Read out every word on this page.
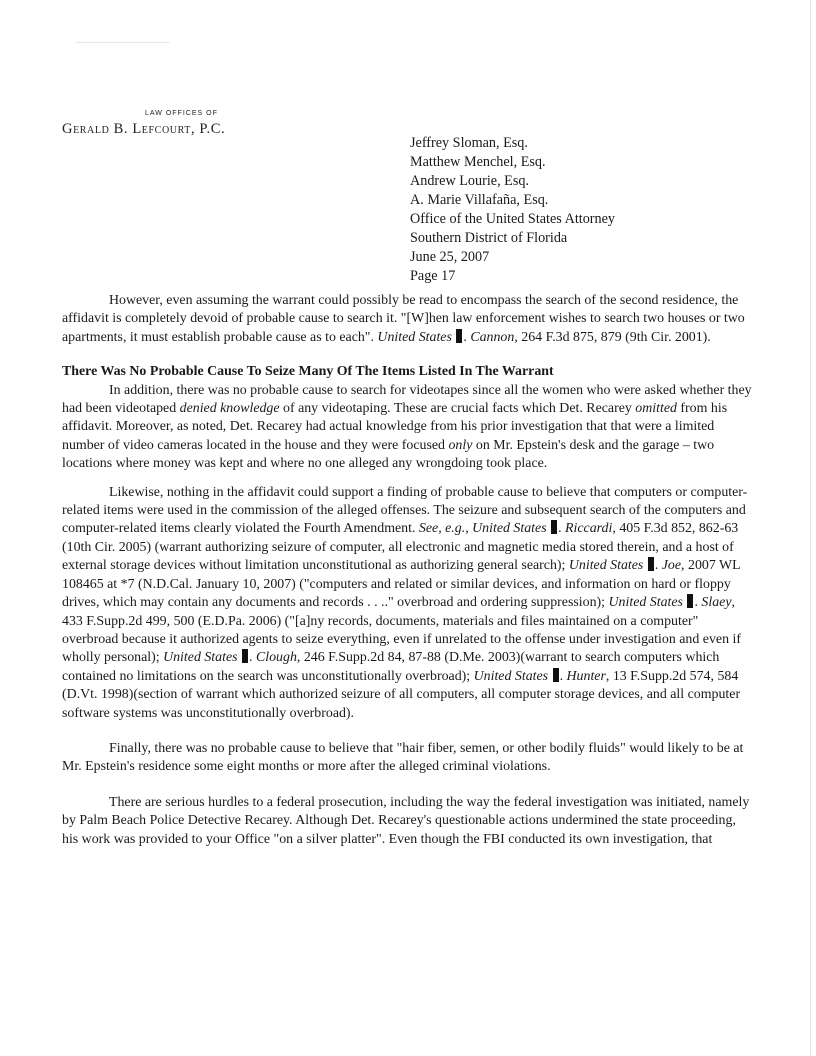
LAW OFFICES OF
Gerald B. Lefcourt, P.C.
Jeffrey Sloman, Esq.
Matthew Menchel, Esq.
Andrew Lourie, Esq.
A. Marie Villafaña, Esq.
Office of the United States Attorney
Southern District of Florida
June 25, 2007
Page 17

However, even assuming the warrant could possibly be read to encompass the search of the second residence, the affidavit is completely devoid of probable cause to search it. "[W]hen law enforcement wishes to search two houses or two apartments, it must establish probable cause as to each". United States . Cannon, 264 F.3d 875, 879 (9th Cir. 2001).

There Was No Probable Cause To Seize Many Of The Items Listed In The Warrant

In addition, there was no probable cause to search for videotapes since all the women who were asked whether they had been videotaped denied knowledge of any videotaping. These are crucial facts which Det. Recarey omitted from his affidavit. Moreover, as noted, Det. Recarey had actual knowledge from his prior investigation that that were a limited number of video cameras located in the house and they were focused only on Mr. Epstein's desk and the garage – two locations where money was kept and where no one alleged any wrongdoing took place.

Likewise, nothing in the affidavit could support a finding of probable cause to believe that computers or computer-related items were used in the commission of the alleged offenses. The seizure and subsequent search of the computers and computer-related items clearly violated the Fourth Amendment. See, e.g., United States . Riccardi, 405 F.3d 852, 862-63 (10th Cir. 2005) (warrant authorizing seizure of computer, all electronic and magnetic media stored therein, and a host of external storage devices without limitation unconstitutional as authorizing general search); United States . Joe, 2007 WL 108465 at *7 (N.D.Cal. January 10, 2007) ("computers and related or similar devices, and information on hard or floppy drives, which may contain any documents and records . . .." overbroad and ordering suppression); United States . Slaey, 433 F.Supp.2d 499, 500 (E.D.Pa. 2006) ("[a]ny records, documents, materials and files maintained on a computer" overbroad because it authorized agents to seize everything, even if unrelated to the offense under investigation and even if wholly personal); United States . Clough, 246 F.Supp.2d 84, 87-88 (D.Me. 2003)(warrant to search computers which contained no limitations on the search was unconstitutionally overbroad); United States . Hunter, 13 F.Supp.2d 574, 584 (D.Vt. 1998)(section of warrant which authorized seizure of all computers, all computer storage devices, and all computer software systems was unconstitutionally overbroad).

Finally, there was no probable cause to believe that "hair fiber, semen, or other bodily fluids" would likely to be at Mr. Epstein's residence some eight months or more after the alleged criminal violations.

There are serious hurdles to a federal prosecution, including the way the federal investigation was initiated, namely by Palm Beach Police Detective Recarey. Although Det. Recarey's questionable actions undermined the state proceeding, his work was provided to your Office "on a silver platter". Even though the FBI conducted its own investigation, that
